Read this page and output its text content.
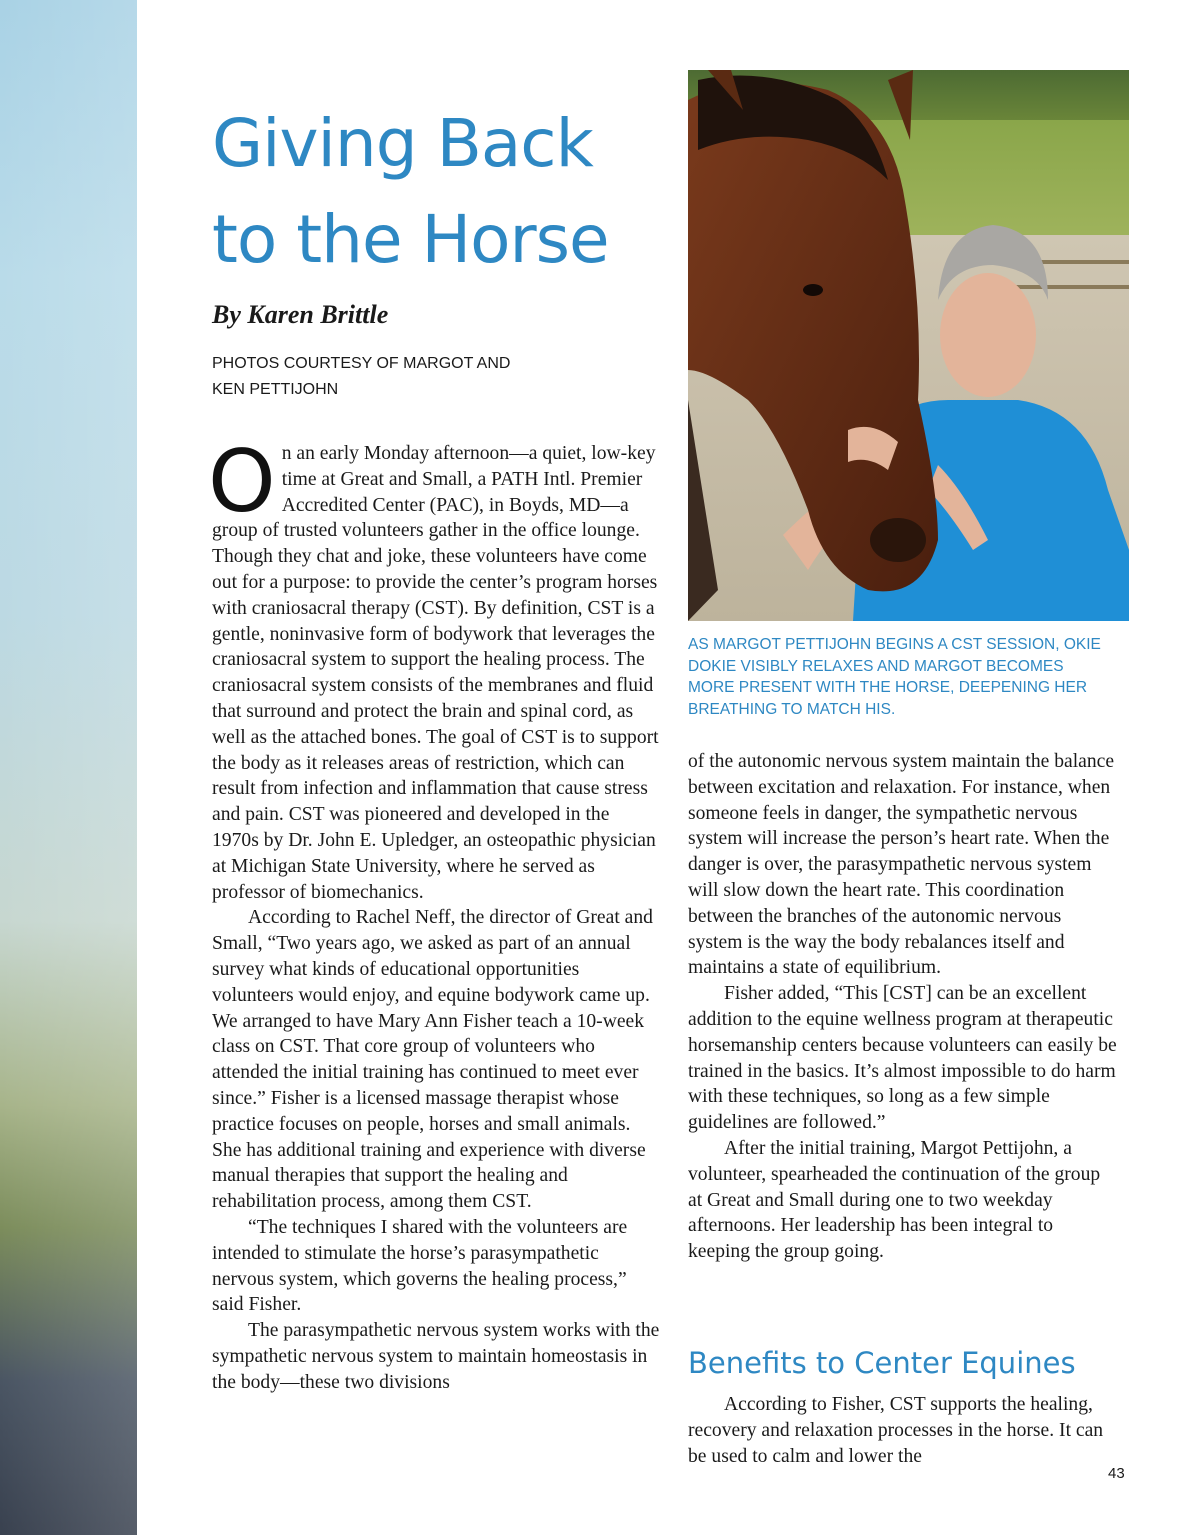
Giving Back to the Horse
By Karen Brittle
PHOTOS COURTESY OF MARGOT AND KEN PETTIJOHN

On an early Monday afternoon—a quiet, low-key time at Great and Small, a PATH Intl. Premier Accredited Center (PAC), in Boyds, MD—a group of trusted volunteers gather in the office lounge. Though they chat and joke, these volunteers have come out for a purpose: to provide the center’s program horses with craniosacral therapy (CST). By definition, CST is a gentle, noninvasive form of bodywork that leverages the craniosacral system to support the healing process. The craniosacral system consists of the membranes and fluid that surround and protect the brain and spinal cord, as well as the attached bones. The goal of CST is to support the body as it releases areas of restriction, which can result from infection and inflammation that cause stress and pain. CST was pioneered and developed in the 1970s by Dr. John E. Upledger, an osteopathic physician at Michigan State University, where he served as professor of biomechanics.

According to Rachel Neff, the director of Great and Small, “Two years ago, we asked as part of an annual survey what kinds of educational opportunities volunteers would enjoy, and equine bodywork came up. We arranged to have Mary Ann Fisher teach a 10-week class on CST. That core group of volunteers who attended the initial training has continued to meet ever since.” Fisher is a licensed massage therapist whose practice focuses on people, horses and small animals. She has additional training and experience with diverse manual therapies that support the healing and rehabilitation process, among them CST.

“The techniques I shared with the volunteers are intended to stimulate the horse’s parasympathetic nervous system, which governs the healing process,” said Fisher.

The parasympathetic nervous system works with the sympathetic nervous system to maintain homeostasis in the body—these two divisions

AS MARGOT PETTIJOHN BEGINS A CST SESSION, OKIE DOKIE VISIBLY RELAXES AND MARGOT BECOMES MORE PRESENT WITH THE HORSE, DEEPENING HER BREATHING TO MATCH HIS.

of the autonomic nervous system maintain the balance between excitation and relaxation. For instance, when someone feels in danger, the sympathetic nervous system will increase the person’s heart rate. When the danger is over, the parasympathetic nervous system will slow down the heart rate. This coordination between the branches of the autonomic nervous system is the way the body rebalances itself and maintains a state of equilibrium.

Fisher added, “This [CST] can be an excellent addition to the equine wellness program at therapeutic horsemanship centers because volunteers can easily be trained in the basics. It’s almost impossible to do harm with these techniques, so long as a few simple guidelines are followed.”

After the initial training, Margot Pettijohn, a volunteer, spearheaded the continuation of the group at Great and Small during one to two weekday afternoons. Her leadership has been integral to keeping the group going.

Benefits to Center Equines

According to Fisher, CST supports the healing, recovery and relaxation processes in the horse. It can be used to calm and lower the

43
